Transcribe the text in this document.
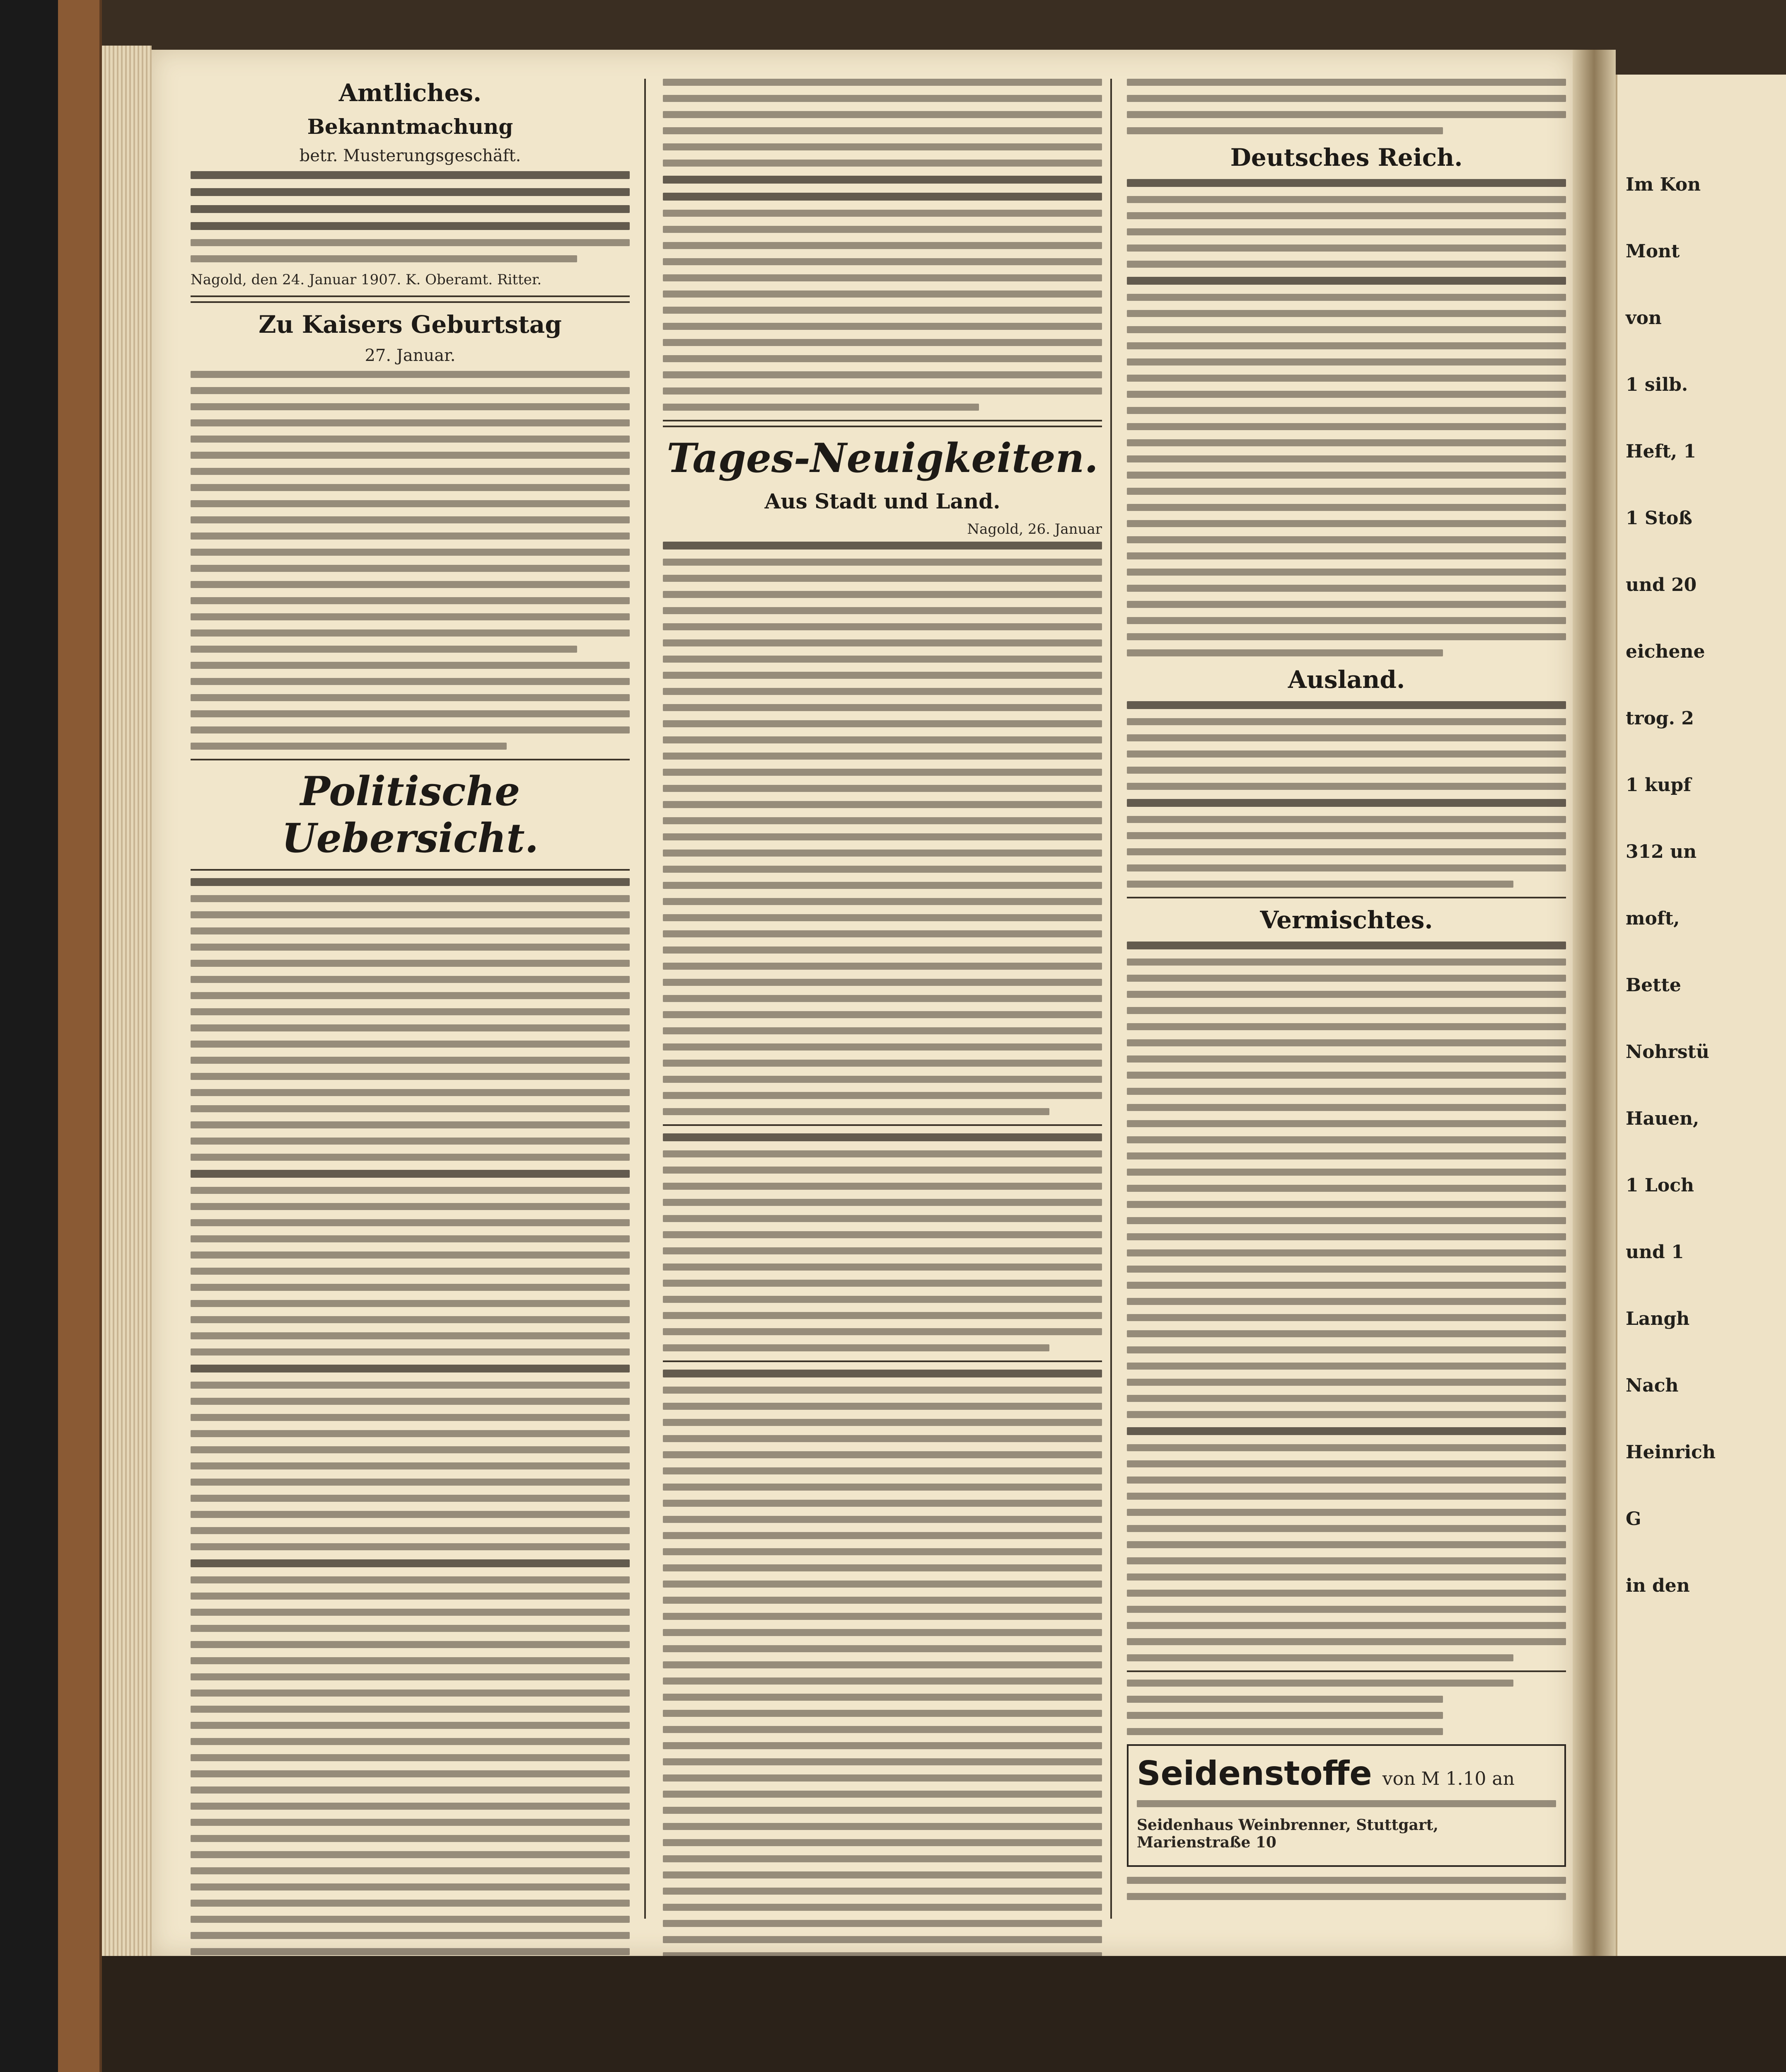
Amtliches.
Bekanntmachung
betr. Musterungsgeschäft.
Nagold, den 24. Januar 1907. K. Oberamt. Ritter.
Zu Kaisers Geburtstag
27. Januar.
Politische Uebersicht.
Tages-Neuigkeiten.
Aus Stadt und Land.
Nagold, 26. Januar
Deutsches Reich.
Ausland.
Vermischtes.
Seidenstoffe von M 1.10 an
Seidenhaus Weinbrenner, Stuttgart, Marienstraße 10
Im Kon
Mont
von
1 silb.
Heft, 1
1 Stoß
und 20
eichene
trog. 2
1 kupf
312 un
moft,
Bette
Nohrstü
Hauen,
1 Loch
und 1
Langh
Nach
Heinrich
G
in den
